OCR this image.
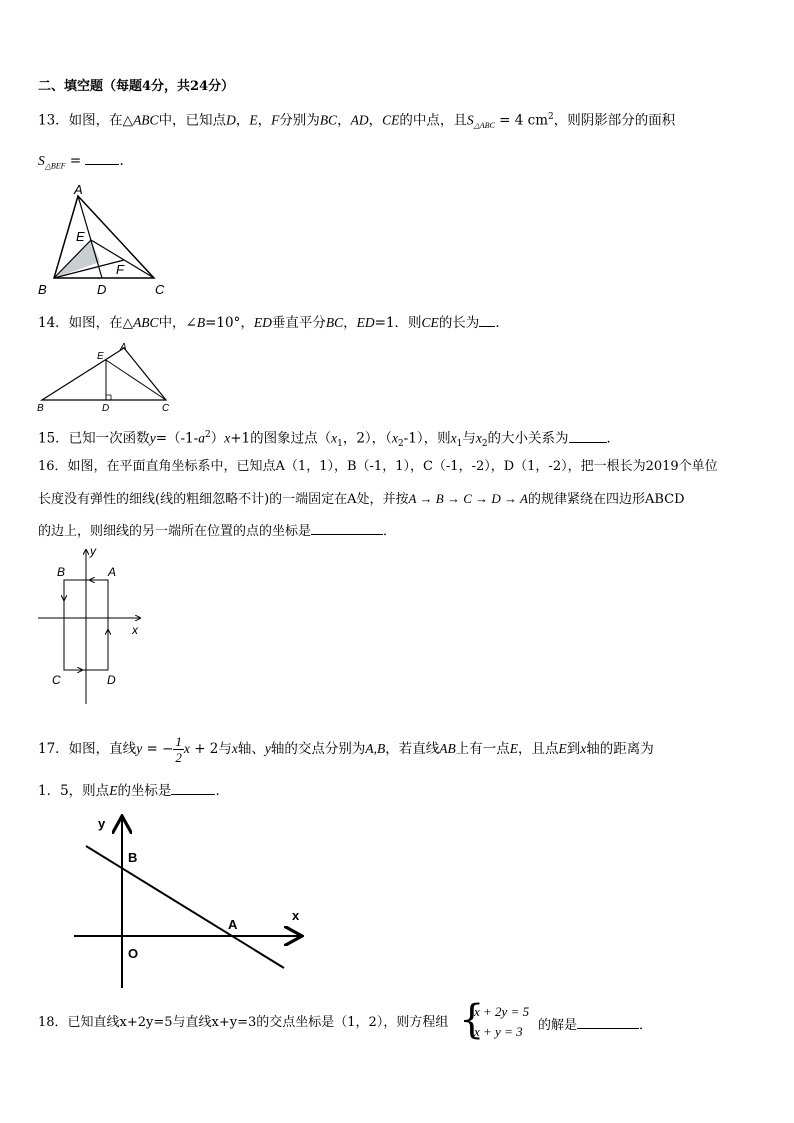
二、填空题（每题4分，共24分）
13．如图，在△ABC中，已知点D，E，F分别为BC，AD，CE的中点，且$S_{\triangle ABC} = 4$ $cm^2$，则阴影部分的面积
$S_{\triangle BEF}$ =	.
A
E
F
B	D	C
14．如图，在△ABC中，∠B=10°，ED垂直平分BC，ED=1．则CE的长为 ．
E
A
B	D	C
15．已知一次函数$y=(-1-a^2)x+1$的图象过点（$x_1$，2），$(x_2-1)$，则$x_1$与$x_2$的大小关系为	．
16．如图，在平面直角坐标系中，已知点A（1，1），B（-1，1），C（-1，-2），D（1，-2），把一根长为2019个单位
长度没有弹性的细线(线的粗细忽略不计)的一端固定在A处，并按A → B → C → D → A的规律紧绕在四边形ABCD
的边上，则细线的另一端所在位置的点的坐标是	．
B	A
y
x
C	D
17．如图，直线y = − $\frac{1}{2}$ x + 2与x轴、y轴的交点分别为A,B，若直线AB上有一点E，且点E到x轴的距离为
1．5，则点E的坐标是	．
y
x
B
A
O
18．已知直线x+2y=5与直线x+y=3的交点坐标是（1，2），则方程组 {
x + 2y = 5
x + y = 3	的解是	．
